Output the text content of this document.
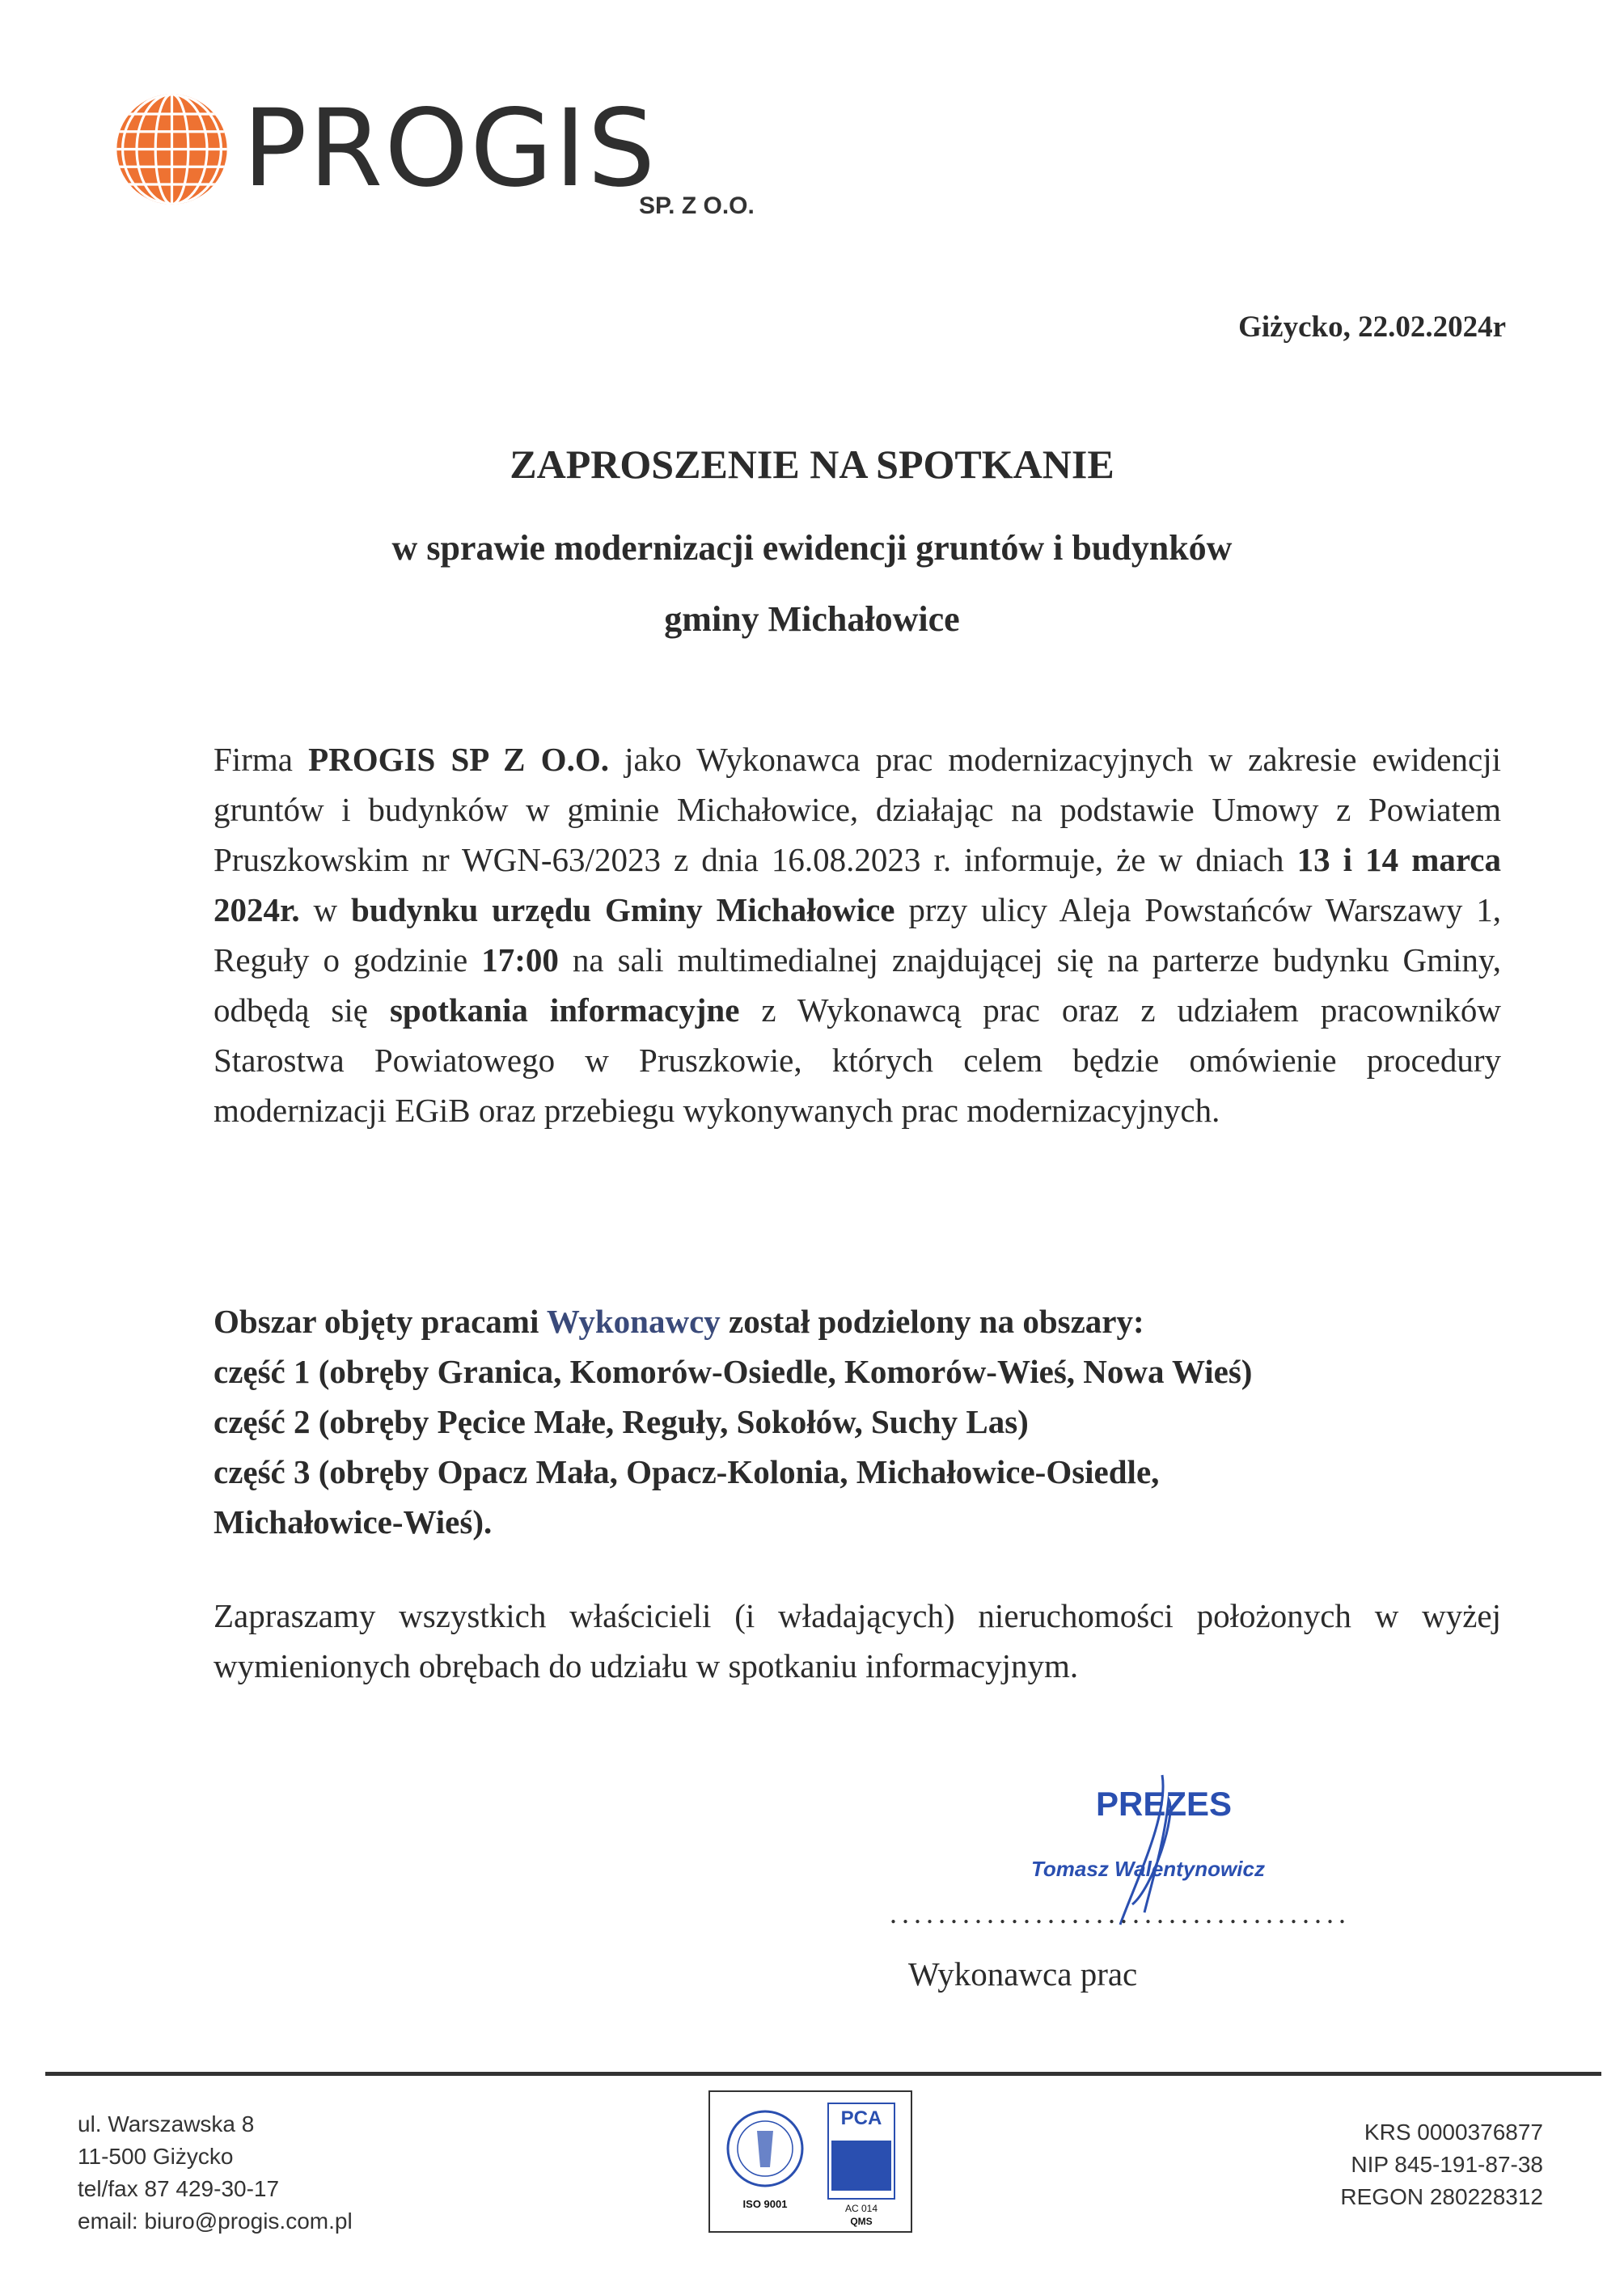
PROGIS
SP. Z O.O.
Giżycko, 22.02.2024r
ZAPROSZENIE NA SPOTKANIE
w sprawie modernizacji ewidencji gruntów i budynków
gminy Michałowice
Firma PROGIS SP Z O.O. jako Wykonawca prac modernizacyjnych w zakresie ewidencji gruntów i budynków w gminie Michałowice, działając na podstawie Umowy z Powiatem Pruszkowskim nr WGN-63/2023 z dnia 16.08.2023 r. informuje, że w dniach 13 i 14 marca 2024r. w budynku urzędu Gminy Michałowice przy ulicy Aleja Powstańców Warszawy 1, Reguły o godzinie 17:00 na sali multimedialnej znajdującej się na parterze budynku Gminy, odbędą się spotkania informacyjne z Wykonawcą prac oraz z udziałem pracowników Starostwa Powiatowego w Pruszkowie, których celem będzie omówienie procedury modernizacji EGiB oraz przebiegu wykonywanych prac modernizacyjnych.
Obszar objęty pracami Wykonawcy został podzielony na obszary:
część 1 (obręby Granica, Komorów-Osiedle, Komorów-Wieś, Nowa Wieś)
część 2 (obręby Pęcice Małe, Reguły, Sokołów, Suchy Las)
część 3 (obręby Opacz Mała, Opacz-Kolonia, Michałowice-Osiedle, Michałowice-Wieś).
Zapraszamy wszystkich właścicieli (i władających) nieruchomości położonych w wyżej wymienionych obrębach do udziału w spotkaniu informacyjnym.
PREZES
Tomasz Walentynowicz
......................................
Wykonawca prac
ul. Warszawska 8
11-500 Giżycko
tel/fax 87 429-30-17
email: biuro@progis.com.pl
ISO 9001
PCA
AC 014
QMS
KRS 0000376877
NIP 845-191-87-38
REGON 280228312
